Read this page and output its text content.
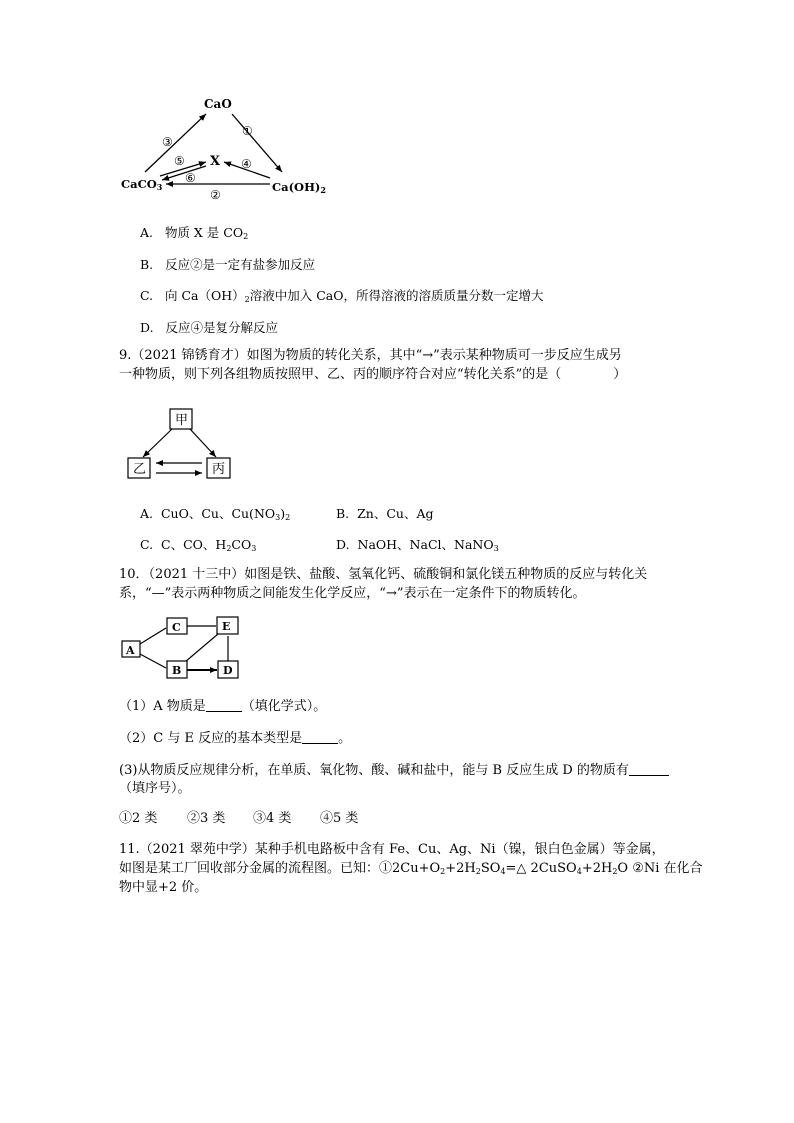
CaO
X
CaCO3	Ca(OH)2
③
①
⑤
⑥
④
②
A. 物质 X 是 $CO_2$
B. 反应②是一定有盐参加反应
C. 向 $Ca(OH)_2$溶液中加入 CaO，所得溶液的溶质质量分数一定增大
D. 反应④是复分解反应
9.（2021 锦锈育才）如图为物质的转化关系，其中“→”表示某种物质可一步反应生成另
一种物质，则下列各组物质按照甲、乙、丙的顺序符合对应“转化关系”的是（　　　　）
甲
乙	丙
A. CuO、Cu、$Cu(NO_3)_2$	B. Zn、Cu、Ag
C. C、CO、$H_2CO_3$	D. NaOH、NaCl、NaNO$_3$
10．（2021 十三中）如图是铁、盐酸、氢氧化钙、硫酸铜和氯化镁五种物质的反应与转化关
系，“—”表示两种物质之间能发生化学反应，“→”表示在一定条件下的物质转化。
A
C	E
B	D
（1）A 物质是	（填化学式）。
（2）C 与 E 反应的基本类型是	。
(3)从物质反应规律分析，在单质、氧化物、酸、碱和盐中，能与 B 反应生成 D 的物质有
（填序号）。
①2 类 ②3 类 ③4 类 ④5 类
11.（2021 翠苑中学）某种手机电路板中含有 Fe、Cu、Ag、Ni（镍，银白色金属）等金属，
如图是某工厂回收部分金属的流程图。已知：$①2Cu+O_2+2H_2SO_4=\triangle$ $2CuSO_4+2H_2O$ ②Ni 在化合
物中显+2 价。
